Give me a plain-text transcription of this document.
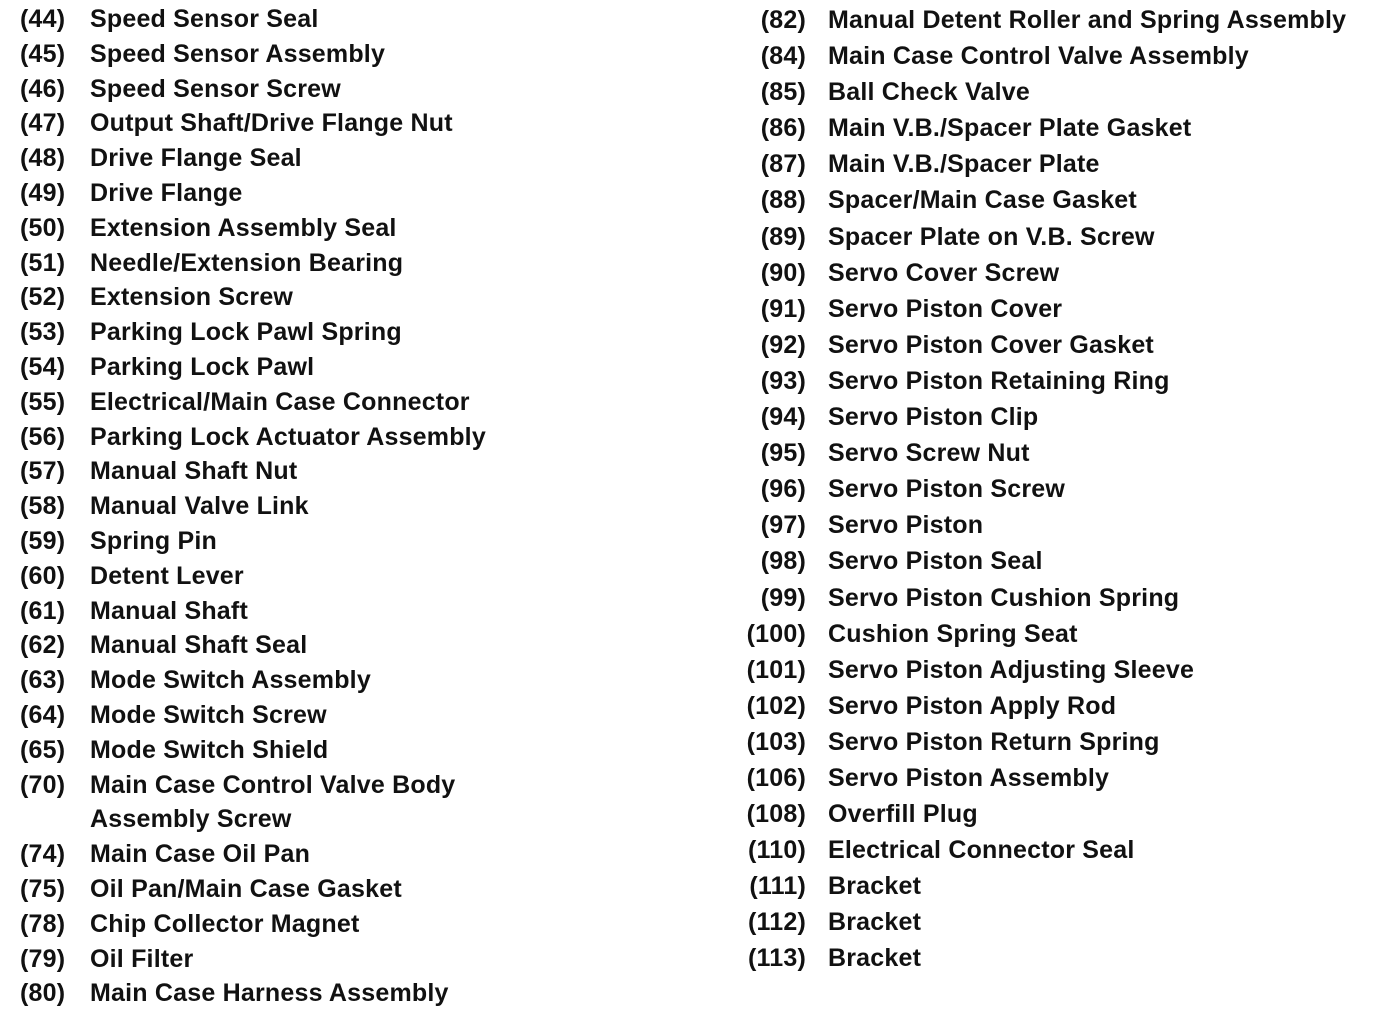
(44) Speed Sensor Seal
(45) Speed Sensor Assembly
(46) Speed Sensor Screw
(47) Output Shaft/Drive Flange Nut
(48) Drive Flange Seal
(49) Drive Flange
(50) Extension Assembly Seal
(51) Needle/Extension Bearing
(52) Extension Screw
(53) Parking Lock Pawl Spring
(54) Parking Lock Pawl
(55) Electrical/Main Case Connector
(56) Parking Lock Actuator Assembly
(57) Manual Shaft Nut
(58) Manual Valve Link
(59) Spring Pin
(60) Detent Lever
(61) Manual Shaft
(62) Manual Shaft Seal
(63) Mode Switch Assembly
(64) Mode Switch Screw
(65) Mode Switch Shield
(70) Main Case Control Valve Body
Assembly Screw
(74) Main Case Oil Pan
(75) Oil Pan/Main Case Gasket
(78) Chip Collector Magnet
(79) Oil Filter
(80) Main Case Harness Assembly
(82) Manual Detent Roller and Spring Assembly
(84) Main Case Control Valve Assembly
(85) Ball Check Valve
(86) Main V.B./Spacer Plate Gasket
(87) Main V.B./Spacer Plate
(88) Spacer/Main Case Gasket
(89) Spacer Plate on V.B. Screw
(90) Servo Cover Screw
(91) Servo Piston Cover
(92) Servo Piston Cover Gasket
(93) Servo Piston Retaining Ring
(94) Servo Piston Clip
(95) Servo Screw Nut
(96) Servo Piston Screw
(97) Servo Piston
(98) Servo Piston Seal
(99) Servo Piston Cushion Spring
(100) Cushion Spring Seat
(101) Servo Piston Adjusting Sleeve
(102) Servo Piston Apply Rod
(103) Servo Piston Return Spring
(106) Servo Piston Assembly
(108) Overfill Plug
(110) Electrical Connector Seal
(111) Bracket
(112) Bracket
(113) Bracket
